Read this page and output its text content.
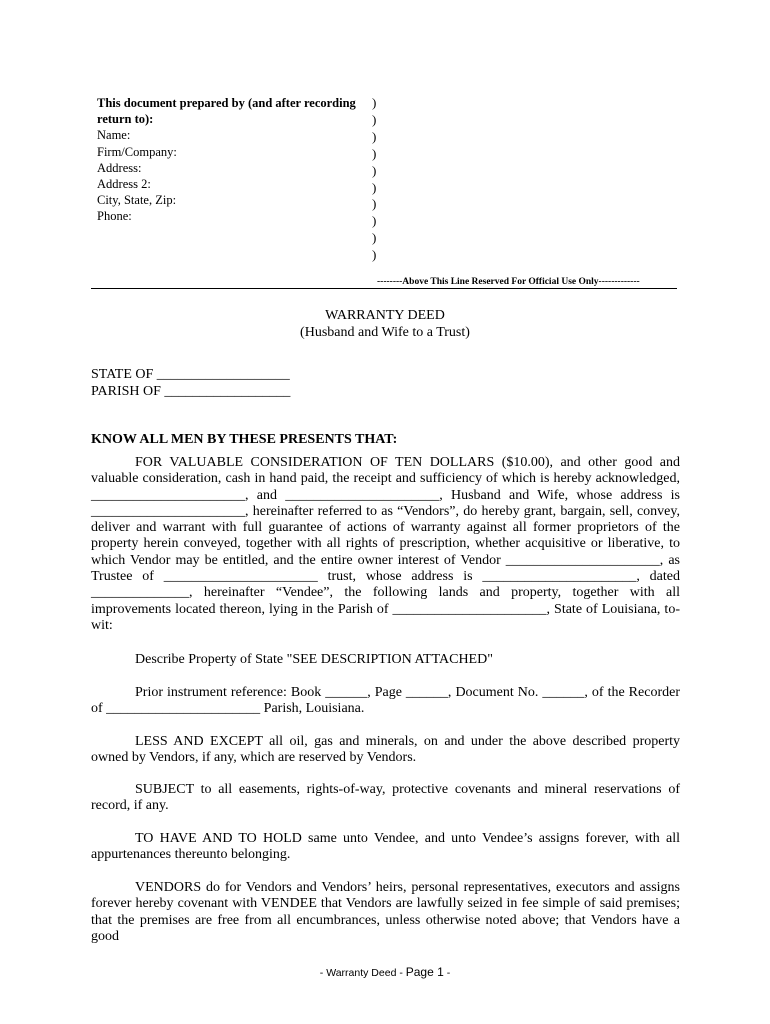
This document prepared by (and after recording
return to):
Name:
Firm/Company:
Address:
Address 2:
City, State, Zip:
Phone:
)
)
)
)
)
)
)
)
)
)
--------Above This Line Reserved For Official Use Only-------------
WARRANTY DEED
(Husband and Wife to a Trust)
STATE OF ___________________
PARISH OF __________________
KNOW ALL MEN BY THESE PRESENTS THAT:
FOR VALUABLE CONSIDERATION OF TEN DOLLARS ($10.00), and other good and valuable consideration, cash in hand paid, the receipt and sufficiency of which is hereby acknowledged, ______________________, and ______________________, Husband and Wife, whose address is ______________________, hereinafter referred to as “Vendors”, do hereby grant, bargain, sell, convey, deliver and warrant with full guarantee of actions of warranty against all former proprietors of the property herein conveyed, together with all rights of prescription, whether acquisitive or liberative, to which Vendor may be entitled, and the entire owner interest of Vendor ______________________, as Trustee of ______________________ trust, whose address is ______________________, dated ______________, hereinafter “Vendee”, the following lands and property, together with all improvements located thereon, lying in the Parish of ______________________, State of Louisiana, to-wit:
Describe Property of State "SEE DESCRIPTION ATTACHED"
Prior instrument reference: Book ______, Page ______, Document No. ______, of the Recorder of ______________________ Parish, Louisiana.
LESS AND EXCEPT all oil, gas and minerals, on and under the above described property owned by Vendors, if any, which are reserved by Vendors.
SUBJECT to all easements, rights-of-way, protective covenants and mineral reservations of record, if any.
TO HAVE AND TO HOLD same unto Vendee, and unto Vendee’s assigns forever, with all appurtenances thereunto belonging.
VENDORS do for Vendors and Vendors’ heirs, personal representatives, executors and assigns forever hereby covenant with VENDEE that Vendors are lawfully seized in fee simple of said premises; that the premises are free from all encumbrances, unless otherwise noted above; that Vendors have a good
- Warranty Deed - Page 1 -
